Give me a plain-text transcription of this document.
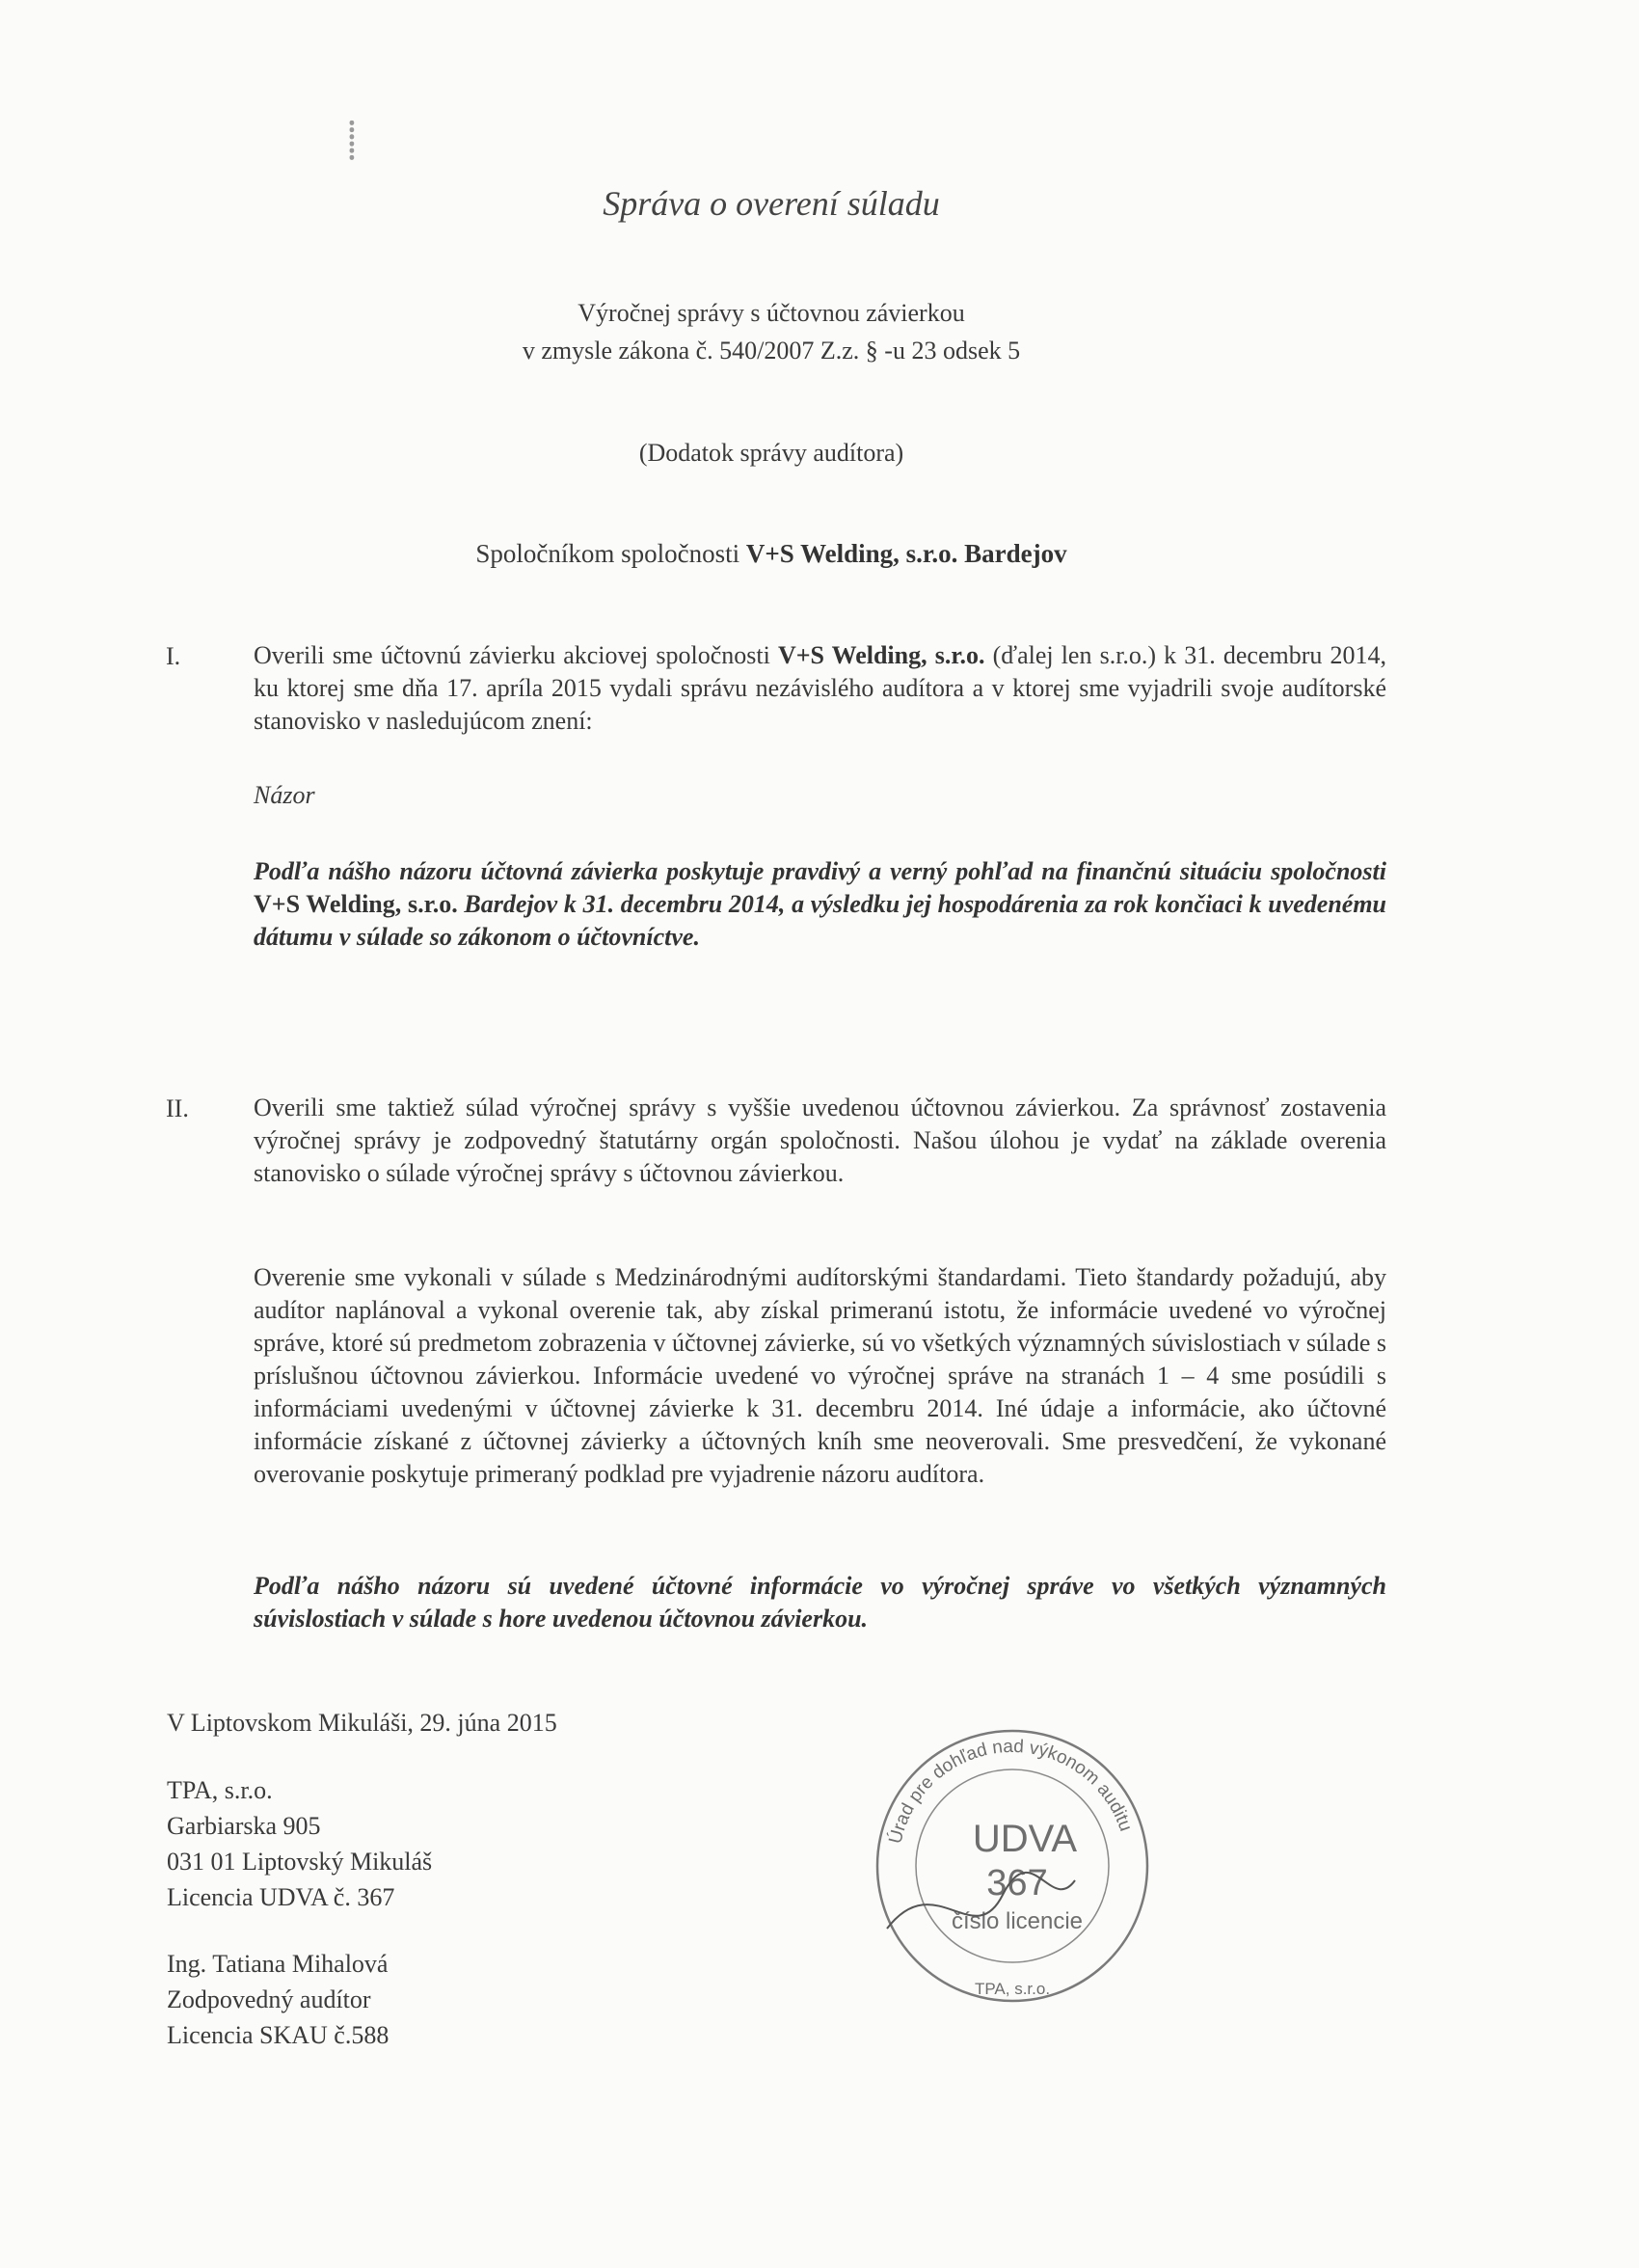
⸽
Správa o overení súladu
Výročnej správy s účtovnou závierkou
v zmysle zákona č. 540/2007 Z.z. § -u 23 odsek 5
(Dodatok správy audítora)
Spoločníkom spoločnosti V+S Welding, s.r.o. Bardejov
I.	Overili sme účtovnú závierku akciovej spoločnosti V+S Welding, s.r.o. (ďalej len s.r.o.) k 31. decembru 2014, ku ktorej sme dňa 17. apríla 2015 vydali správu nezávislého audítora a v ktorej sme vyjadrili svoje audítorské stanovisko v nasledujúcom znení:
Názor
Podľa nášho názoru účtovná závierka poskytuje pravdivý a verný pohľad na finančnú situáciu spoločnosti V+S Welding, s.r.o. Bardejov k 31. decembru 2014, a výsledku jej hospodárenia za rok končiaci k uvedenému dátumu v súlade so zákonom o účtovníctve.
II.	Overili sme taktiež súlad výročnej správy s vyššie uvedenou účtovnou závierkou. Za správnosť zostavenia výročnej správy je zodpovedný štatutárny orgán spoločnosti. Našou úlohou je vydať na základe overenia stanovisko o súlade výročnej správy s účtovnou závierkou.
Overenie sme vykonali v súlade s Medzinárodnými audítorskými štandardami. Tieto štandardy požadujú, aby audítor naplánoval a vykonal overenie tak, aby získal primeranú istotu, že informácie uvedené vo výročnej správe, ktoré sú predmetom zobrazenia v účtovnej závierke, sú vo všetkých významných súvislostiach v súlade s príslušnou účtovnou závierkou. Informácie uvedené vo výročnej správe na stranách 1 – 4 sme posúdili s informáciami uvedenými v účtovnej závierke k 31. decembru 2014. Iné údaje a informácie, ako účtovné informácie získané z účtovnej závierky a účtovných kníh sme neoverovali. Sme presvedčení, že vykonané overovanie poskytuje primeraný podklad pre vyjadrenie názoru audítora.
Podľa nášho názoru sú uvedené účtovné informácie vo výročnej správe vo všetkých významných súvislostiach v súlade s hore uvedenou účtovnou závierkou.
V Liptovskom Mikuláši, 29. júna 2015
TPA, s.r.o.
Garbiarska 905
031 01 Liptovský Mikuláš
Licencia UDVA č. 367
Ing. Tatiana Mihalová
Zodpovedný audítor
Licencia SKAU č.588
Úrad pre dohľad nad výkonom auditu
UDVA
367
číslo licencie
TPA, s.r.o.
